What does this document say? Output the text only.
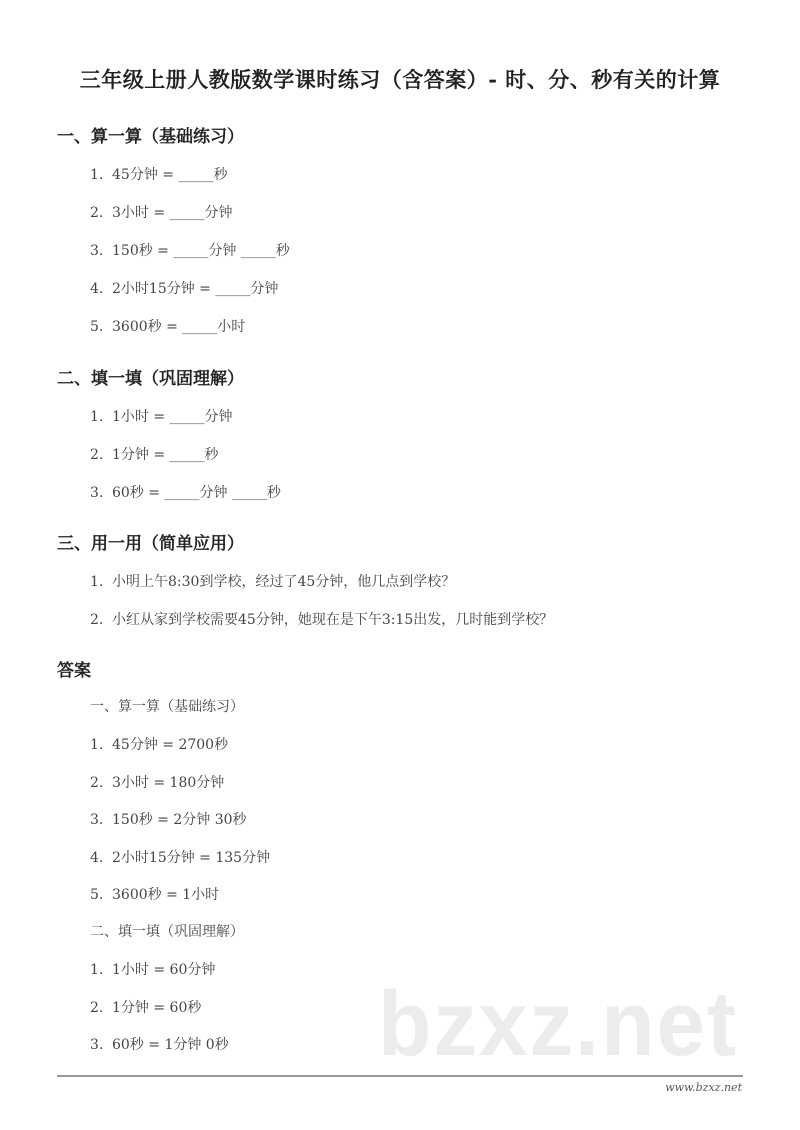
三年级上册人教版数学课时练习（含答案）- 时、分、秒有关的计算
一、算一算（基础练习）
1. 45分钟 = _____秒
2. 3小时 = _____分钟
3. 150秒 = _____分钟 _____秒
4. 2小时15分钟 = _____分钟
5. 3600秒 = _____小时
二、填一填（巩固理解）
1. 1小时 = _____分钟
2. 1分钟 = _____秒
3. 60秒 = _____分钟 _____秒
三、用一用（简单应用）
1. 小明上午8:30到学校，经过了45分钟，他几点到学校？
2. 小红从家到学校需要45分钟，她现在是下午3:15出发，几时能到学校？
答案
一、算一算（基础练习）
1. 45分钟 = 2700秒
2. 3小时 = 180分钟
3. 150秒 = 2分钟 30秒
4. 2小时15分钟 = 135分钟
5. 3600秒 = 1小时
二、填一填（巩固理解）
1. 1小时 = 60分钟
2. 1分钟 = 60秒
3. 60秒 = 1分钟 0秒 bzxz.net
www.bzxz.net
